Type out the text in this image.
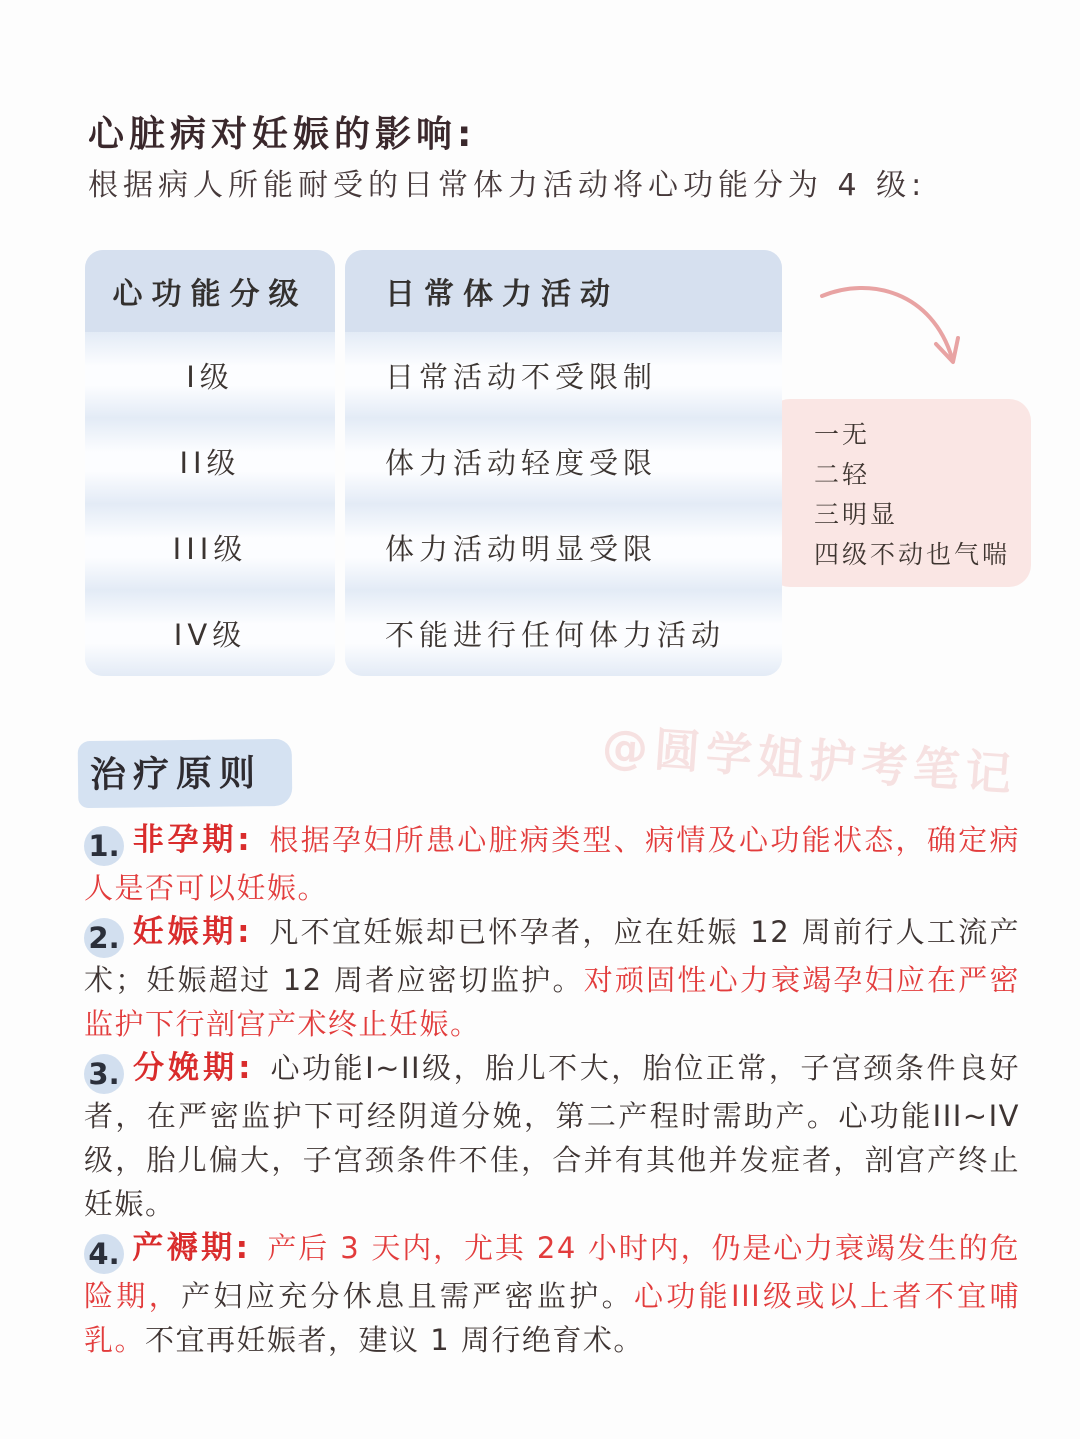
心脏病对妊娠的影响:

根据病人所能耐受的日常体力活动将心功能分为 4 级:

心功能分级
I级
II级
III级
IV级
日常体力活动
日常活动不受限制
体力活动轻度受限
体力活动明显受限
不能进行任何体力活动
一无
二轻
三明显
四级不动也气喘
@圆学姐护考笔记
治疗原则

1. 非孕期: 根据孕妇所患心脏病类型、病情及心功能状态，确定病人是否可以妊娠。

2. 妊娠期: 凡不宜妊娠却已怀孕者，应在妊娠 12 周前行人工流产术；妊娠超过 12 周者应密切监护。对顽固性心力衰竭孕妇应在严密监护下行剖宫产术终止妊娠。

3. 分娩期: 心功能I~II级，胎儿不大，胎位正常，子宫颈条件良好者，在严密监护下可经阴道分娩，第二产程时需助产。心功能III~IV级，胎儿偏大，子宫颈条件不佳，合并有其他并发症者，剖宫产终止妊娠。

4. 产褥期: 产后 3 天内，尤其 24 小时内，仍是心力衰竭发生的危险期，产妇应充分休息且需严密监护。心功能III级或以上者不宜哺乳。不宜再妊娠者，建议 1 周行绝育术。
